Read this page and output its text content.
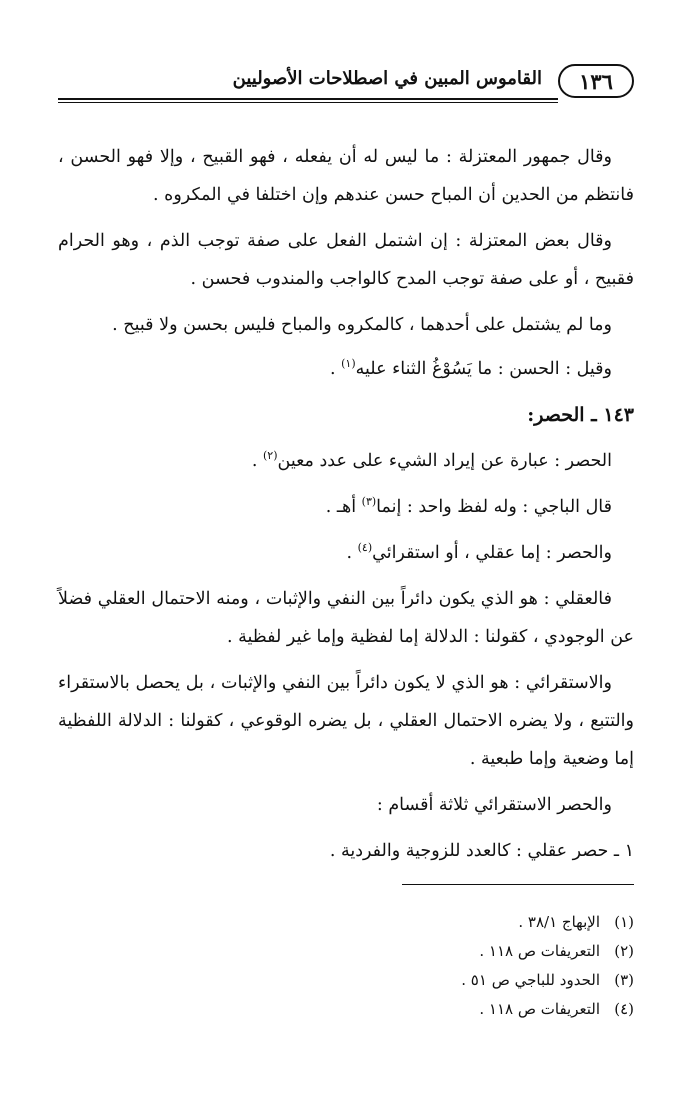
١٣٦
القاموس المبين في اصطلاحات الأصوليين

وقال جمهور المعتزلة : ما ليس له أن يفعله ، فهو القبيح ، وإلا فهو الحسن ، فانتظم من الحدين أن المباح حسن عندهم وإن اختلفا في المكروه .

وقال بعض المعتزلة : إن اشتمل الفعل على صفة توجب الذم ، وهو الحرام فقبيح ، أو على صفة توجب المدح كالواجب والمندوب فحسن .

وما لم يشتمل على أحدهما ، كالمكروه والمباح فليس بحسن ولا قبيح .

وقيل : الحسن : ما يَسُوْغُ الثناء عليه$^{(١)}$ .

١٤٣ ـ الحصر:

الحصر : عبارة عن إيراد الشيء على عدد معين$^{(٢)}$ .

قال الباجي : وله لفظ واحد : إنما$^{(٣)}$ أهـ .

والحصر : إما عقلي ، أو استقرائي$^{(٤)}$ .

فالعقلي : هو الذي يكون دائراً بين النفي والإثبات ، ومنه الاحتمال العقلي فضلاً عن الوجودي ، كقولنا : الدلالة إما لفظية وإما غير لفظية .

والاستقرائي : هو الذي لا يكون دائراً بين النفي والإثبات ، بل يحصل بالاستقراء والتتبع ، ولا يضره الاحتمال العقلي ، بل يضره الوقوعي ، كقولنا : الدلالة اللفظية إما وضعية وإما طبعية .

والحصر الاستقرائي ثلاثة أقسام :

١ ـ حصر عقلي : كالعدد للزوجية والفردية .

(١)الإبهاج ٣٨/١ .
(٢)التعريفات ص ١١٨ .
(٣)الحدود للباجي ص ٥١ .
(٤)التعريفات ص ١١٨ .
